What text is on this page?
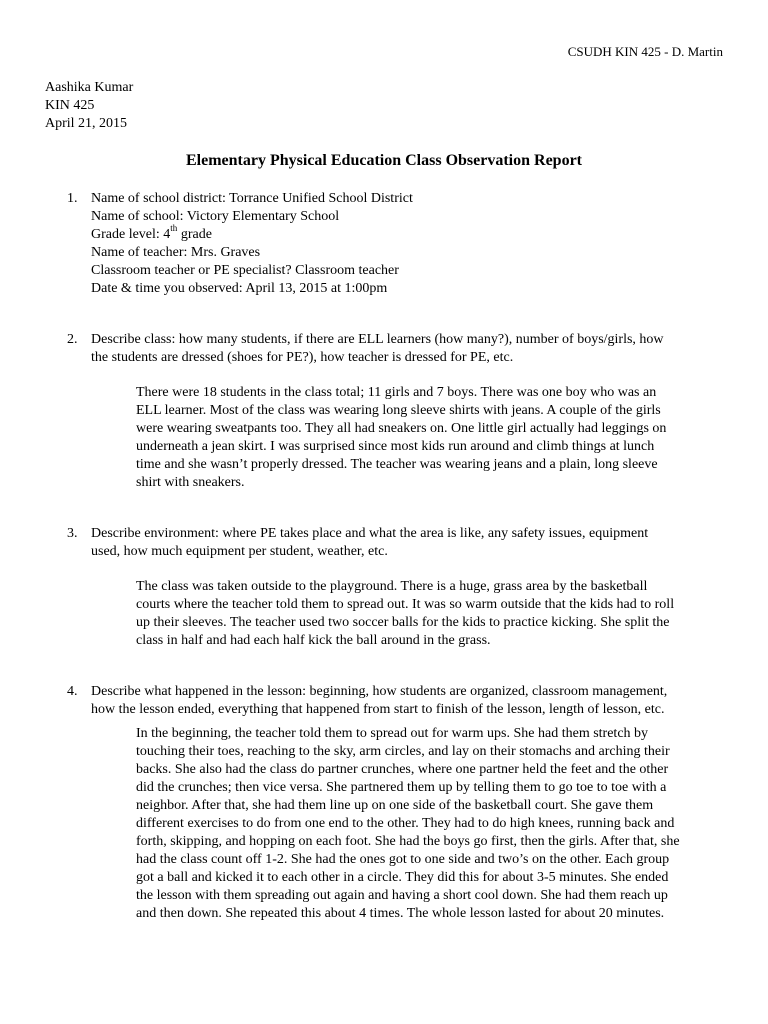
CSUDH KIN 425 - D. Martin
Aashika Kumar
KIN 425
April 21, 2015
Elementary Physical Education Class Observation Report
1. Name of school district: Torrance Unified School District
Name of school: Victory Elementary School
Grade level: 4th grade
Name of teacher: Mrs. Graves
Classroom teacher or PE specialist? Classroom teacher
Date & time you observed: April 13, 2015 at 1:00pm
2. Describe class: how many students, if there are ELL learners (how many?), number of boys/girls, how
the students are dressed (shoes for PE?), how teacher is dressed for PE, etc.
There were 18 students in the class total; 11 girls and 7 boys. There was one boy who was an
ELL learner. Most of the class was wearing long sleeve shirts with jeans. A couple of the girls
were wearing sweatpants too. They all had sneakers on. One little girl actually had leggings on
underneath a jean skirt. I was surprised since most kids run around and climb things at lunch
time and she wasn’t properly dressed. The teacher was wearing jeans and a plain, long sleeve
shirt with sneakers.
3. Describe environment: where PE takes place and what the area is like, any safety issues, equipment
used, how much equipment per student, weather, etc.
The class was taken outside to the playground. There is a huge, grass area by the basketball
courts where the teacher told them to spread out. It was so warm outside that the kids had to roll
up their sleeves. The teacher used two soccer balls for the kids to practice kicking. She split the
class in half and had each half kick the ball around in the grass.
4. Describe what happened in the lesson: beginning, how students are organized, classroom management,
how the lesson ended, everything that happened from start to finish of the lesson, length of lesson, etc.
In the beginning, the teacher told them to spread out for warm ups. She had them stretch by
touching their toes, reaching to the sky, arm circles, and lay on their stomachs and arching their
backs. She also had the class do partner crunches, where one partner held the feet and the other
did the crunches; then vice versa. She partnered them up by telling them to go toe to toe with a
neighbor. After that, she had them line up on one side of the basketball court. She gave them
different exercises to do from one end to the other. They had to do high knees, running back and
forth, skipping, and hopping on each foot. She had the boys go first, then the girls. After that, she
had the class count off 1-2. She had the ones got to one side and two’s on the other. Each group
got a ball and kicked it to each other in a circle. They did this for about 3-5 minutes. She ended
the lesson with them spreading out again and having a short cool down. She had them reach up
and then down. She repeated this about 4 times. The whole lesson lasted for about 20 minutes.
